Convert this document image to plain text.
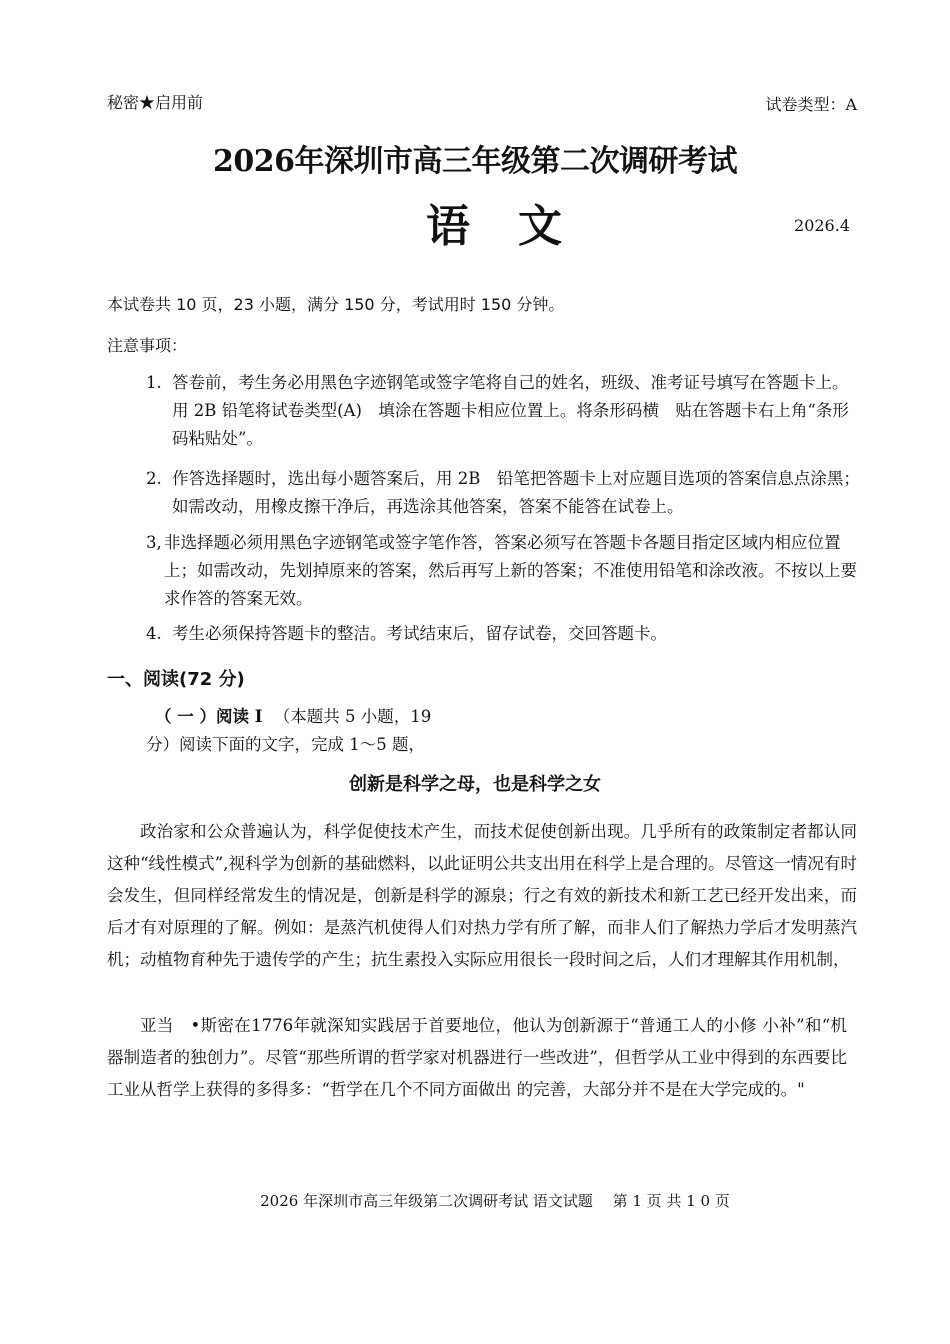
秘密★启用前	试卷类型：A
2026年深圳市高三年级第二次调研考试
语　文	2026.4
本试卷共 10 页，23 小题，满分 150 分，考试用时 150 分钟。
注意事项：
1. 答卷前，考生务必用黑色字迹钢笔或签字笔将自己的姓名，班级、准考证号填写在答题卡上。用 2B 铅笔将试卷类型(A)　填涂在答题卡相应位置上。将条形码横　贴在答题卡右上角“条形码粘贴处”。
2. 作答选择题时，选出每小题答案后，用 2B　铅笔把答题卡上对应题目选项的答案信息点涂黑；如需改动，用橡皮擦干净后，再选涂其他答案，答案不能答在试卷上。
3, 非选择题必须用黑色字迹钢笔或签字笔作答，答案必须写在答题卡各题目指定区域内相应位置上；如需改动，先划掉原来的答案，然后再写上新的答案；不准使用铅笔和涂改液。不按以上要求作答的答案无效。
4. 考生必须保持答题卡的整洁。考试结束后，留存试卷，交回答题卡。
一、阅读(72 分)
（ 一 ）阅读 I （本题共 5 小题，19
分）阅读下面的文字，完成 1～5 题，
创新是科学之母，也是科学之女
政治家和公众普遍认为，科学促使技术产生，而技术促使创新出现。几乎所有的政策制定者都认同这种“线性模式”,视科学为创新的基础燃料，以此证明公共支出用在科学上是合理的。尽管这一情况有时会发生，但同样经常发生的情况是，创新是科学的源泉；行之有效的新技术和新工艺已经开发出来，而后才有对原理的了解。例如：是蒸汽机使得人们对热力学有所了解，而非人们了解热力学后才发明蒸汽机；动植物育种先于遗传学的产生；抗生素投入实际应用很长一段时间之后，人们才理解其作用机制，
亚当　•斯密在1776年就深知实践居于首要地位，他认为创新源于“普通工人的小修 小补”和“机器制造者的独创力”。尽管“那些所谓的哲学家对机器进行一些改进”，但哲学从工业中得到的东西要比工业从哲学上获得的多得多：“哲学在几个不同方面做出 的完善，大部分并不是在大学完成的。"
2026 年深圳市高三年级第二次调研考试 语文试题　 第 1 页 共 1 0 页
